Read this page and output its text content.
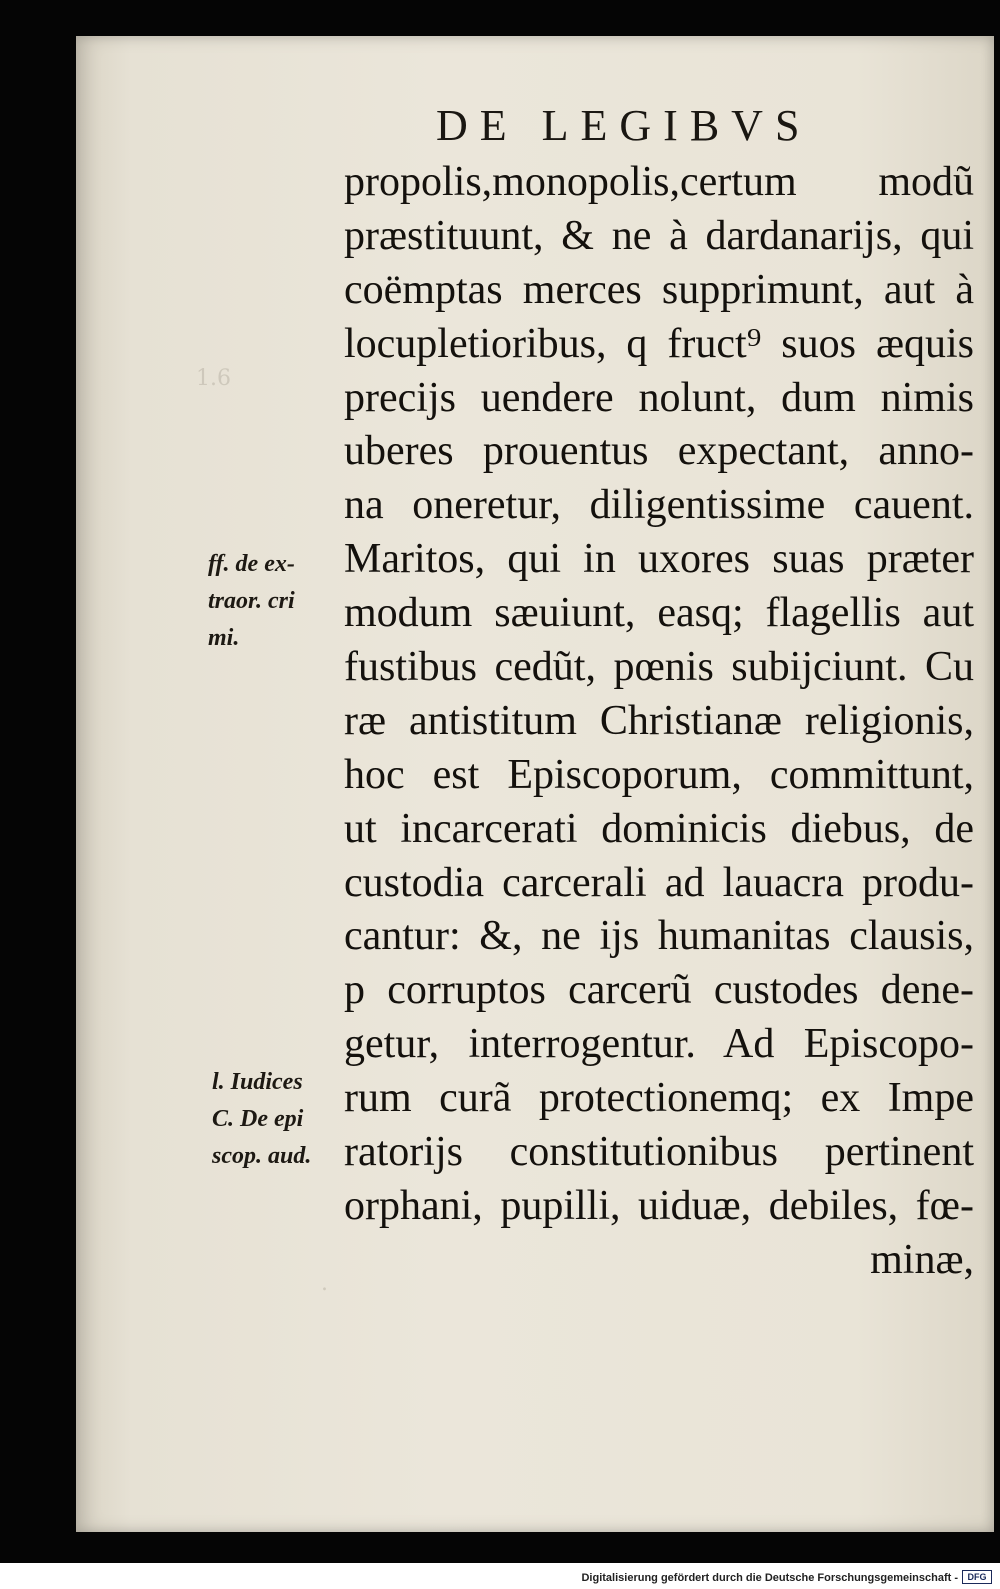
1.6
.
DE LEGIBVS
propolis,monopolis,certum modũ
præstituunt, & ne à dardanarijs, qui
coëmptas merces supprimunt, aut à
locupletioribus, q fruct⁹ suos æquis
precijs uendere nolunt, dum nimis
uberes prouentus expectant, anno-
na oneretur, diligentissime cauent.
Maritos, qui in uxores suas præter
modum sæuiunt, easq; flagellis aut
fustibus cedũt, pœnis subijciunt. Cu
ræ antistitum Christianæ religionis,
hoc est Episcoporum, committunt,
ut incarcerati dominicis diebus, de
custodia carcerali ad lauacra produ-
cantur: &, ne ijs humanitas clausis,
p corruptos carcerũ custodes dene-
getur, interrogentur. Ad Episcopo-
rum curã protectionemq; ex Impe
ratorijs constitutionibus pertinent
orphani, pupilli, uiduæ, debiles, fœ-
minæ,
ff. de ex-
traor. cri
mi.
l. Iudices
C. De epi
scop. aud.
Digitalisierung gefördert durch die Deutsche Forschungsgemeinschaft -	DFG
